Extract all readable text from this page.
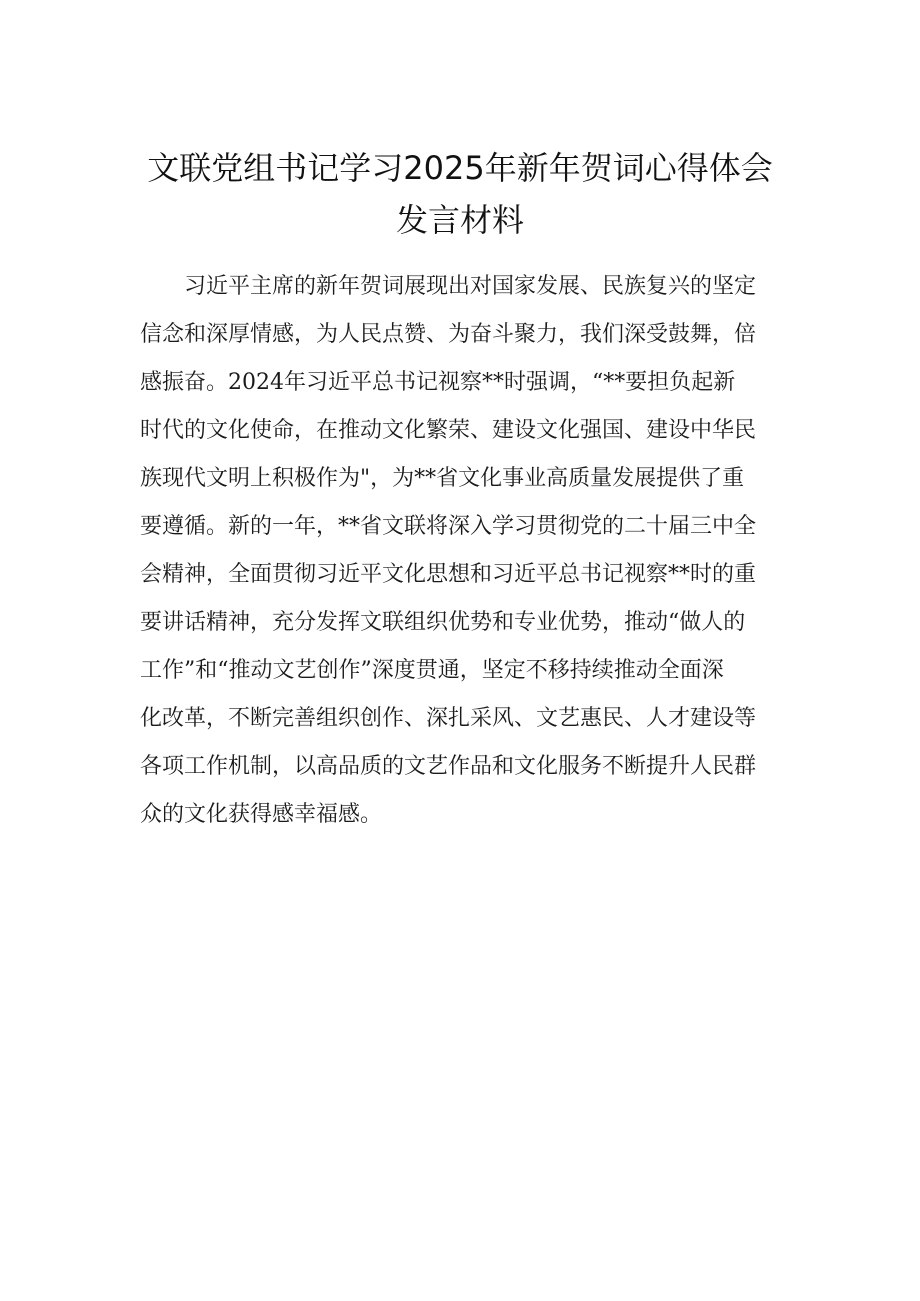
文联党组书记学习2025年新年贺词心得体会
发言材料
　　习近平主席的新年贺词展现出对国家发展、民族复兴的坚定
信念和深厚情感，为人民点赞、为奋斗聚力，我们深受鼓舞，倍
感振奋。2024年习近平总书记视察**时强调，“**要担负起新
时代的文化使命，在推动文化繁荣、建设文化强国、建设中华民
族现代文明上积极作为"，为**省文化事业高质量发展提供了重
要遵循。新的一年，**省文联将深入学习贯彻党的二十届三中全
会精神，全面贯彻习近平文化思想和习近平总书记视察**时的重
要讲话精神，充分发挥文联组织优势和专业优势，推动“做人的
工作”和“推动文艺创作”深度贯通，坚定不移持续推动全面深
化改革，不断完善组织创作、深扎采风、文艺惠民、人才建设等
各项工作机制，以高品质的文艺作品和文化服务不断提升人民群
众的文化获得感幸福感。
